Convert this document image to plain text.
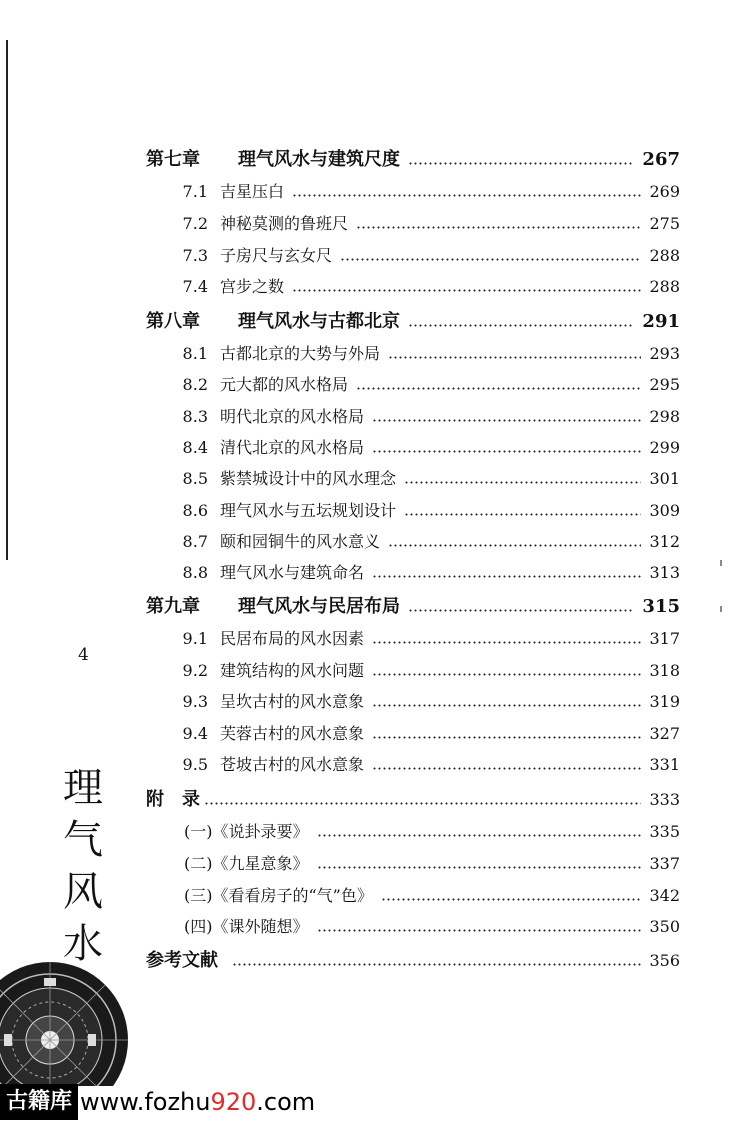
第七章	理气风水与建筑尺度	267
7.1 吉星压白	269
7.2 神秘莫测的鲁班尺	275
7.3 子房尺与玄女尺	288
7.4 宫步之数	288
第八章	理气风水与古都北京	291
8.1 古都北京的大势与外局	293
8.2 元大都的风水格局	295
8.3 明代北京的风水格局	298
8.4 清代北京的风水格局	299
8.5 紫禁城设计中的风水理念	301
8.6 理气风水与五坛规划设计	309
8.7 颐和园铜牛的风水意义	312
8.8 理气风水与建筑命名	313
第九章	理气风水与民居布局	315
9.1 民居布局的风水因素	317
9.2 建筑结构的风水问题	318
9.3 呈坎古村的风水意象	319
9.4 芙蓉古村的风水意象	327
9.5 苍坡古村的风水意象	331
附　录	333
(一)《说卦录要》	335
(二)《九星意象》	337
(三)《看看房子的“气”色》	342
(四)《课外随想》	350
参考文献	356
4
理
气
风
水
古籍库 www.fozhu920.com
